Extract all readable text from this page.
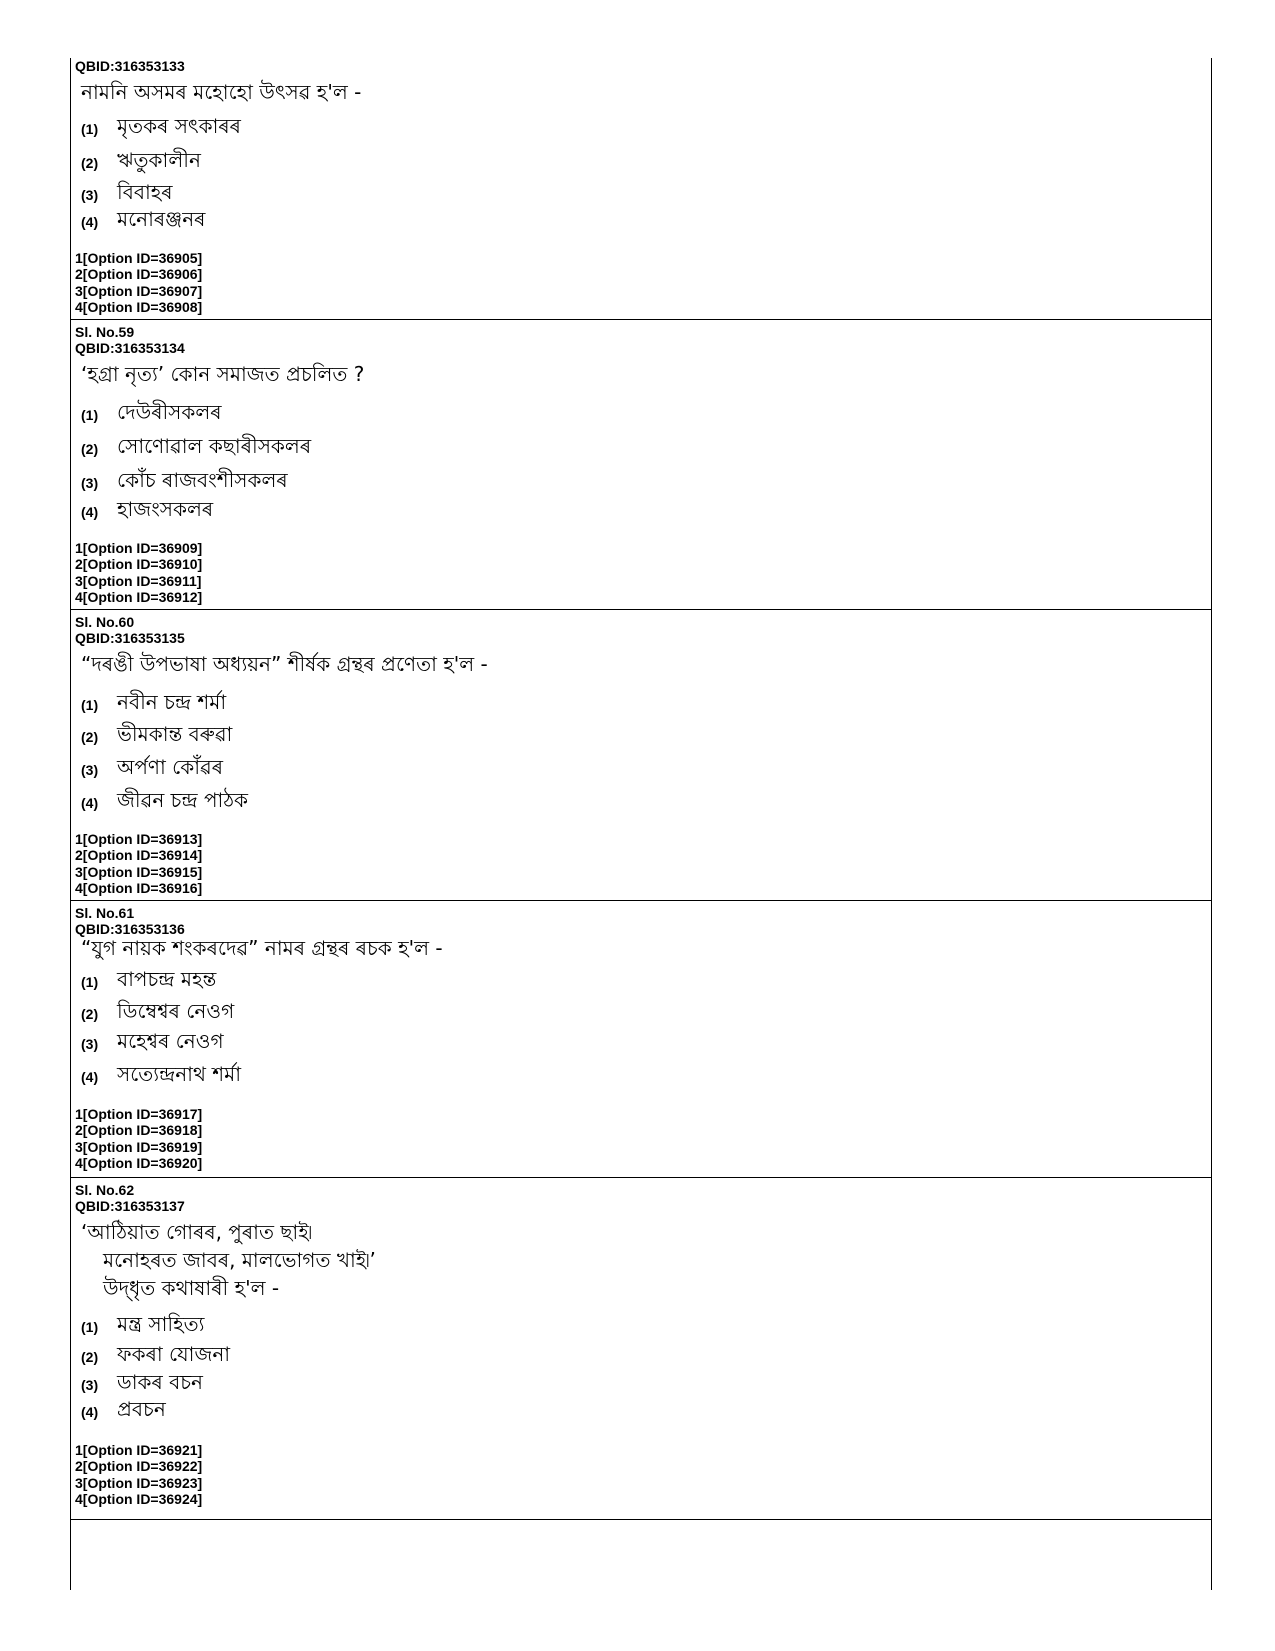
QBID:316353133
নামনি অসমৰ মহোহো উৎসৱ হ'ল -
(1) মৃতকৰ সৎকাৰৰ
(2) ঋতুকালীন
(3) বিবাহৰ
(4) মনোৰঞ্জনৰ
1[Option ID=36905]
2[Option ID=36906]
3[Option ID=36907]
4[Option ID=36908]
Sl. No.59
QBID:316353134
‘হগ্ৰা নৃত্য’ কোন সমাজত প্ৰচলিত ?
(1) দেউৰীসকলৰ
(2) সোণোৱাল কছাৰীসকলৰ
(3) কোঁচ ৰাজবংশীসকলৰ
(4) হাজংসকলৰ
1[Option ID=36909]
2[Option ID=36910]
3[Option ID=36911]
4[Option ID=36912]
Sl. No.60
QBID:316353135
“দৰঙী উপভাষা অধ্যয়ন” শীৰ্ষক গ্ৰন্থৰ প্ৰণেতা হ'ল -
(1) নবীন চন্দ্ৰ শৰ্মা
(2) ভীমকান্ত বৰুৱা
(3) অৰ্পণা কোঁৱৰ
(4) জীৱন চন্দ্ৰ পাঠক
1[Option ID=36913]
2[Option ID=36914]
3[Option ID=36915]
4[Option ID=36916]
Sl. No.61
QBID:316353136
“যুগ নায়ক শংকৰদেৱ” নামৰ গ্ৰন্থৰ ৰচক হ'ল -
(1) বাপচন্দ্ৰ মহন্ত
(2) ডিম্বেশ্বৰ নেওগ
(3) মহেশ্বৰ নেওগ
(4) সত্যেন্দ্ৰনাথ শৰ্মা
1[Option ID=36917]
2[Option ID=36918]
3[Option ID=36919]
4[Option ID=36920]
Sl. No.62
QBID:316353137
‘আঠিয়াত গোৰৰ, পুৰাত ছাই৷
মনোহৰত জাবৰ, মালভোগত খাই৷’
উদ্‌ধৃত কথাষাৰী হ'ল -
(1) মন্ত্ৰ সাহিত্য
(2) ফকৰা যোজনা
(3) ডাকৰ বচন
(4) প্ৰবচন
1[Option ID=36921]
2[Option ID=36922]
3[Option ID=36923]
4[Option ID=36924]
